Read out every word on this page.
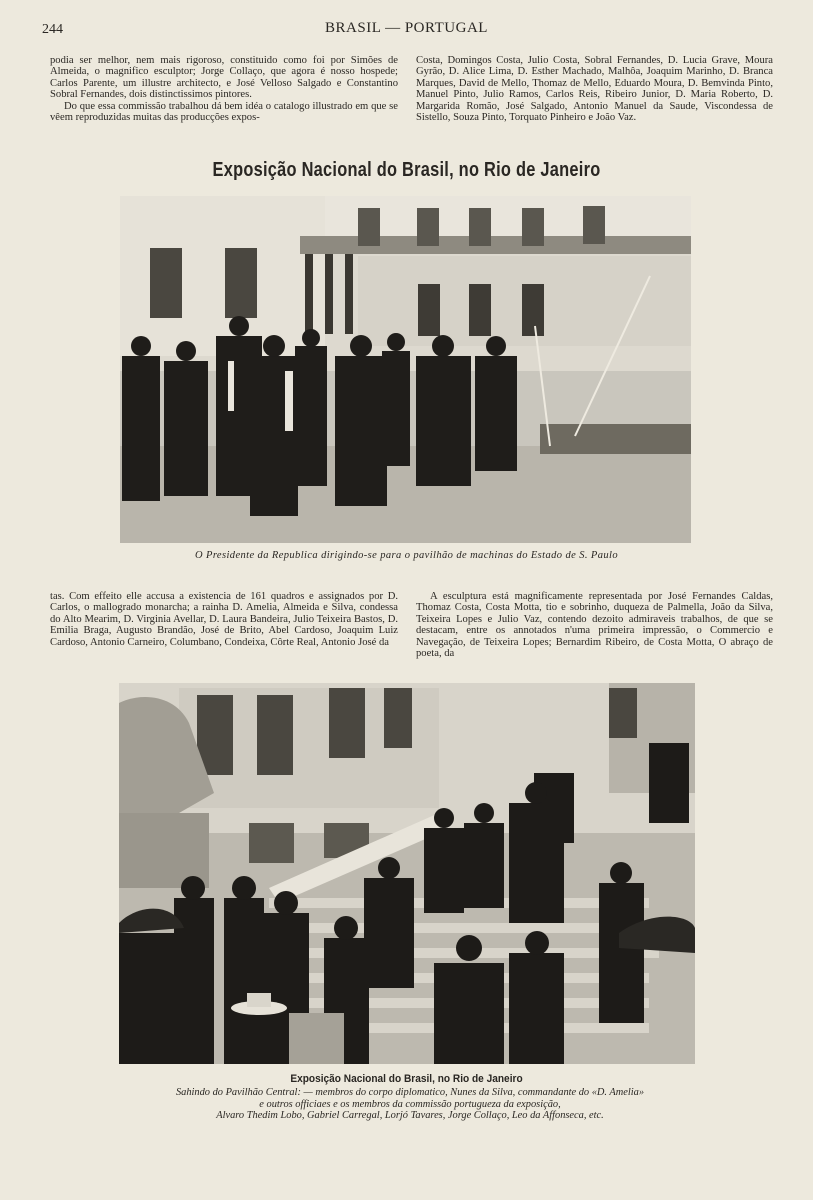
244	BRASIL — PORTUGAL

podia ser melhor, nem mais rigoroso, constituido como foi por Simões de Almeida, o magnifico esculptor; Jorge Collaço, que agora é nosso hospede; Carlos Parente, um illustre architecto, e José Velloso Salgado e Constantino Sobral Fernandes, dois distinctissimos pintores.

Do que essa commissão trabalhou dá bem idéa o catalogo illustrado em que se vêem reproduzidas muitas das producções expos-

Costa, Domingos Costa, Julio Costa, Sobral Fernandes, D. Lucia Grave, Moura Gyrão, D. Alice Lima, D. Esther Machado, Malhôa, Joaquim Marinho, D. Branca Marques, David de Mello, Thomaz de Mello, Eduardo Moura, D. Bemvinda Pinto, Manuel Pinto, Julio Ramos, Carlos Reis, Ribeiro Junior, D. Maria Roberto, D. Margarida Romão, José Salgado, Antonio Manuel da Saude, Viscondessa de Sistello, Souza Pinto, Torquato Pinheiro e João Vaz.

Exposição Nacional do Brasil, no Rio de Janeiro
O Presidente da Republica dirigindo-se para o pavilhão de machinas do Estado de S. Paulo

tas. Com effeito elle accusa a existencia de 161 quadros e assignados por D. Carlos, o mallogrado monarcha; a rainha D. Amelia, Almeida e Silva, condessa do Alto Mearim, D. Virginia Avellar, D. Laura Bandeira, Julio Teixeira Bastos, D. Emilia Braga, Augusto Brandão, José de Brito, Abel Cardoso, Joaquim Luiz Cardoso, Antonio Carneiro, Columbano, Condeixa, Côrte Real, Antonio José da

A esculptura está magnificamente representada por José Fernandes Caldas, Thomaz Costa, Costa Motta, tio e sobrinho, duqueza de Palmella, João da Silva, Teixeira Lopes e Julio Vaz, contendo dezoito admiraveis trabalhos, de que se destacam, entre os annotados n'uma primeira impressão, o Commercio e Navegação, de Teixeira Lopes; Bernardim Ribeiro, de Costa Motta, O abraço de poeta, da

Exposição Nacional do Brasil, no Rio de Janeiro
Sahindo do Pavilhão Central: — membros do corpo diplomatico, Nunes da Silva, commandante do «D. Amelia»
e outros officiaes e os membros da commissão portugueza da exposição,
Alvaro Thedim Lobo, Gabriel Carregal, Lorjó Tavares, Jorge Collaço, Leo da Affonseca, etc.
